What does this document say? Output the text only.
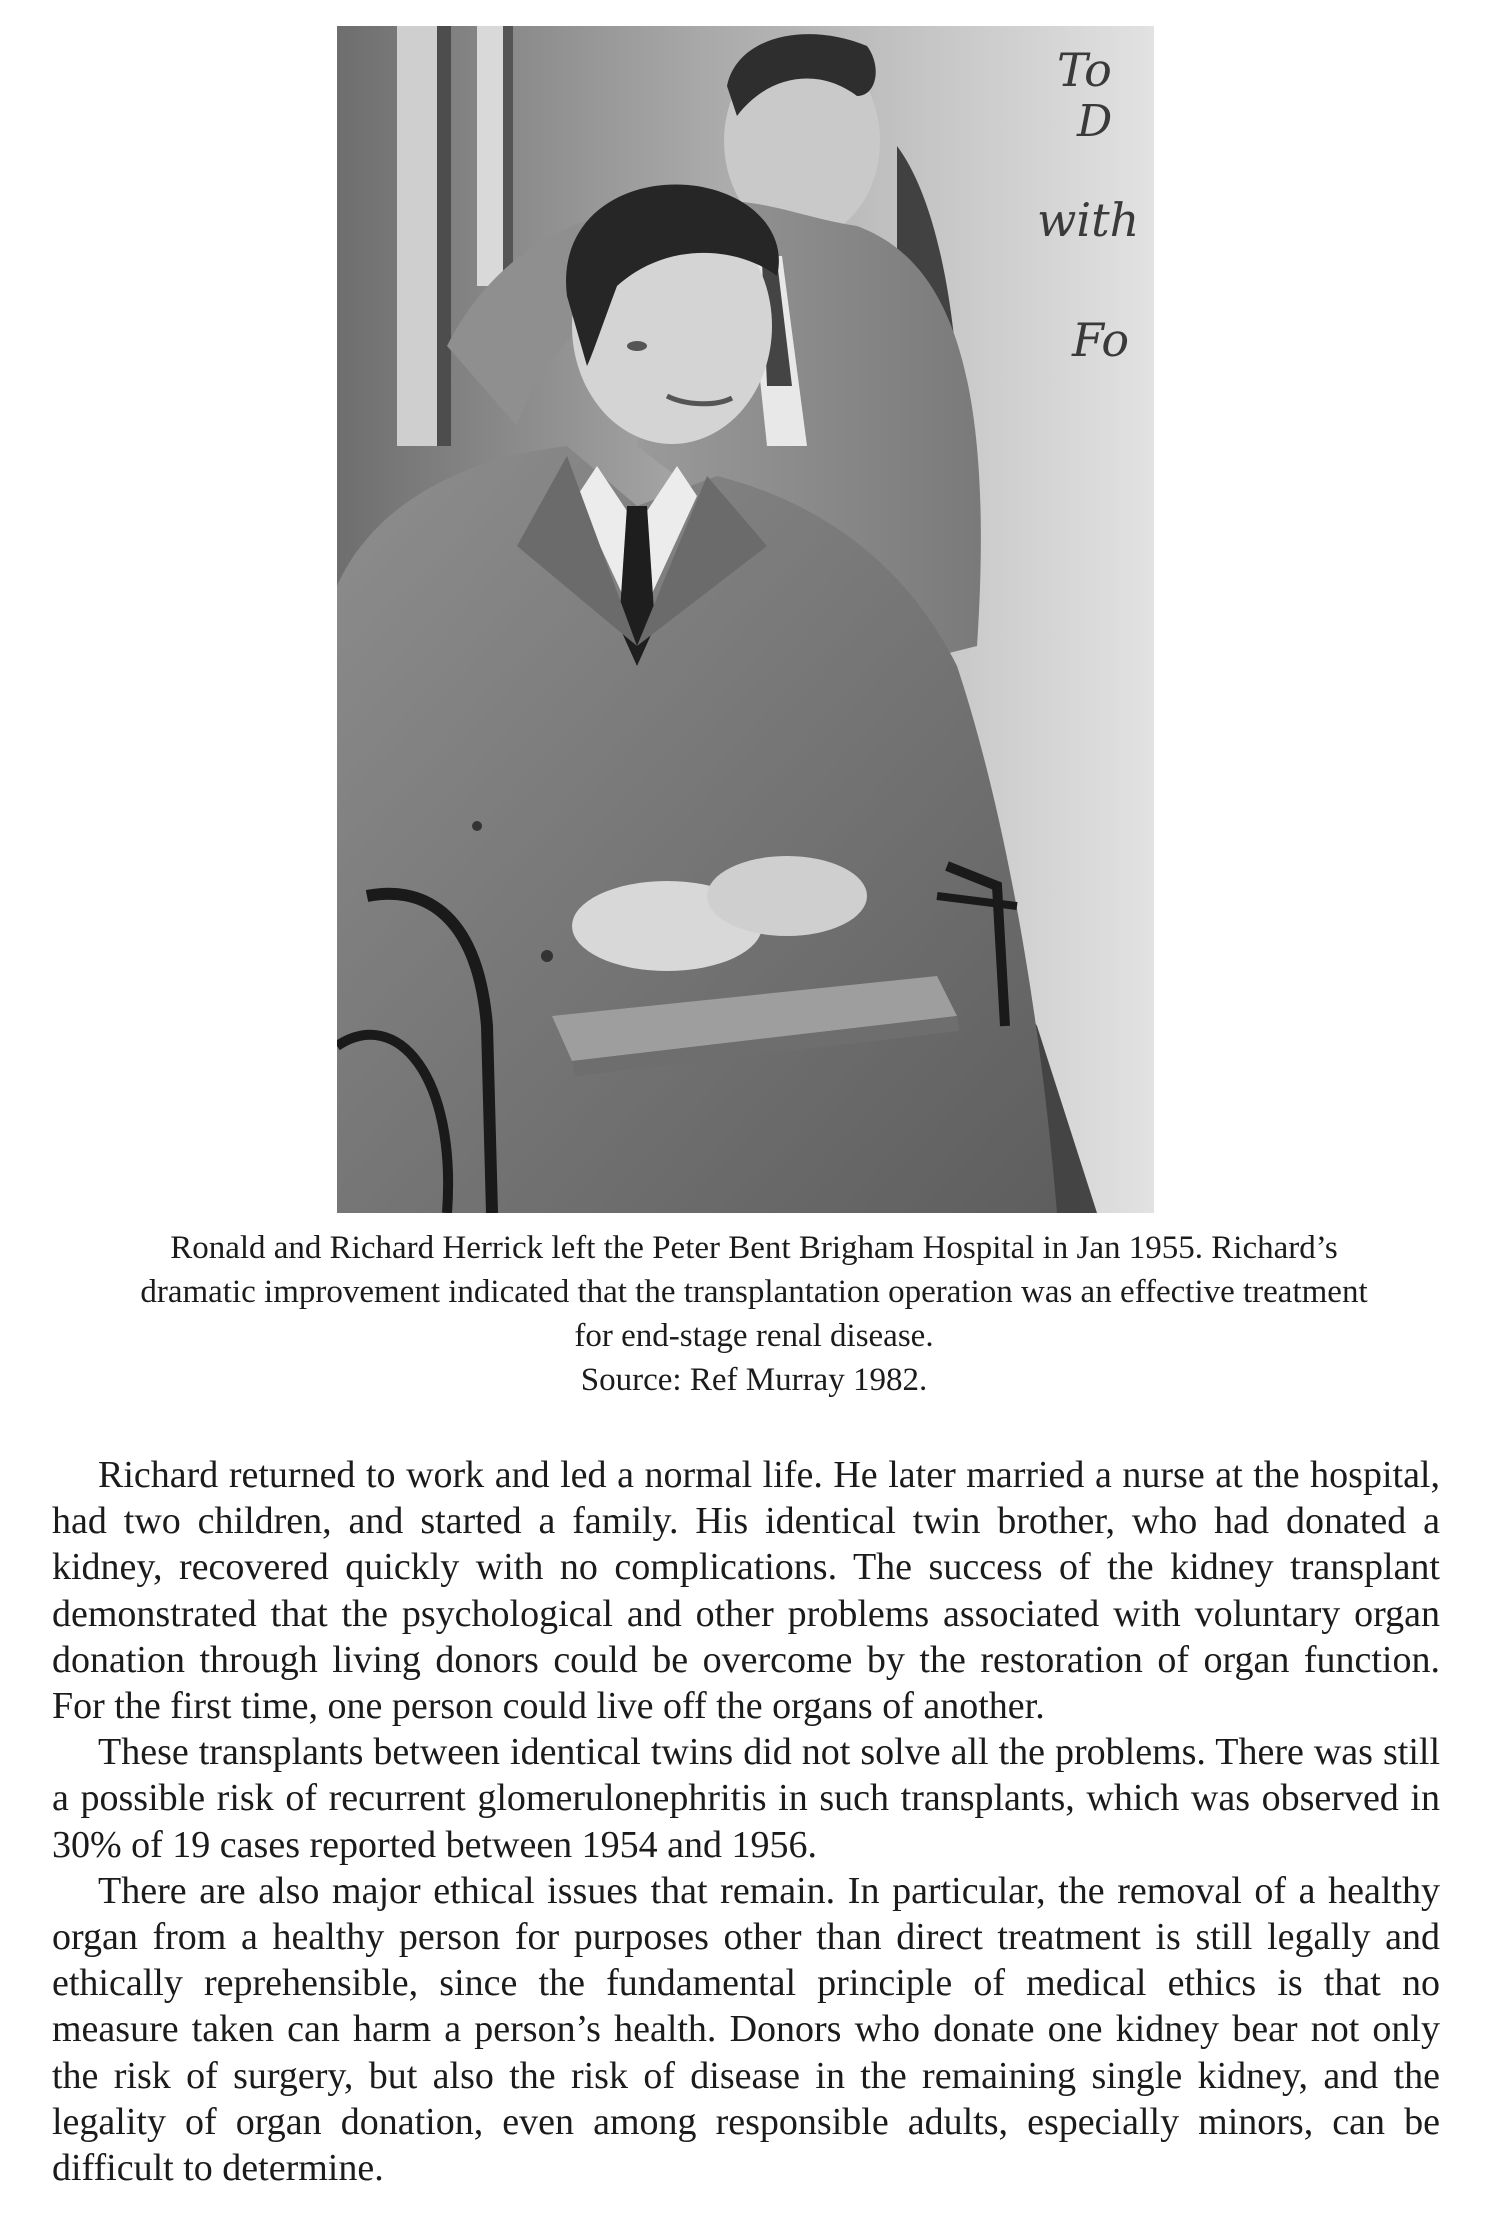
To
D
with
Fo

Ronald and Richard Herrick left the Peter Bent Brigham Hospital in Jan 1955. Richard’s

dramatic improvement indicated that the transplantation operation was an effective treatment

for end-stage renal disease.

Source: Ref Murray 1982.

Richard returned to work and led a normal life. He later married a nurse at the hospital, had two children, and started a family. His identical twin brother, who had donated a kidney, recovered quickly with no complications. The success of the kidney transplant demonstrated that the psychological and other problems associated with voluntary organ donation through living donors could be overcome by the restoration of organ function. For the first time, one person could live off the organs of another.

These transplants between identical twins did not solve all the problems. There was still a possible risk of recurrent glomerulonephritis in such transplants, which was observed in 30% of 19 cases reported between 1954 and 1956.

There are also major ethical issues that remain. In particular, the removal of a healthy organ from a healthy person for purposes other than direct treatment is still legally and ethically reprehensible, since the fundamental principle of medical ethics is that no measure taken can harm a person’s health. Donors who donate one kidney bear not only the risk of surgery, but also the risk of disease in the remaining single kidney, and the legality of organ donation, even among responsible adults, especially minors, can be difficult to determine.
